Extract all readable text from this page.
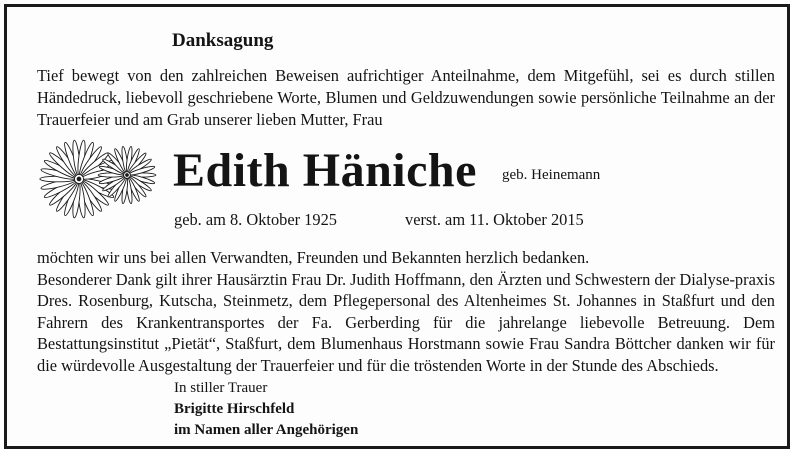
Danksagung

Tief bewegt von den zahlreichen Beweisen aufrichtiger Anteilnahme, dem Mitgefühl, sei es durch stillen Händedruck, liebevoll geschriebene Worte, Blumen und Geldzuwendungen sowie persönliche Teilnahme an der Trauerfeier und am Grab unserer lieben Mutter, Frau

Edith Häniche geb. Heinemann
geb. am 8. Oktober 1925	verst. am 11. Oktober 2015

möchten wir uns bei allen Verwandten, Freunden und Bekannten herzlich bedanken.

Besonderer Dank gilt ihrer Hausärztin Frau Dr. Judith Hoffmann, den Ärzten und Schwestern der Dialyse-praxis Dres. Rosenburg, Kutscha, Steinmetz, dem Pflegepersonal des Altenheimes St. Johannes in Staßfurt und den Fahrern des Krankentransportes der Fa. Gerberding für die jahrelange liebevolle Betreuung. Dem Bestattungsinstitut „Pietät“, Staßfurt, dem Blumenhaus Horstmann sowie Frau Sandra Böttcher danken wir für die würdevolle Ausgestaltung der Trauerfeier und für die tröstenden Worte in der Stunde des Abschieds.

In stiller Trauer
Brigitte Hirschfeld
im Namen aller Angehörigen
